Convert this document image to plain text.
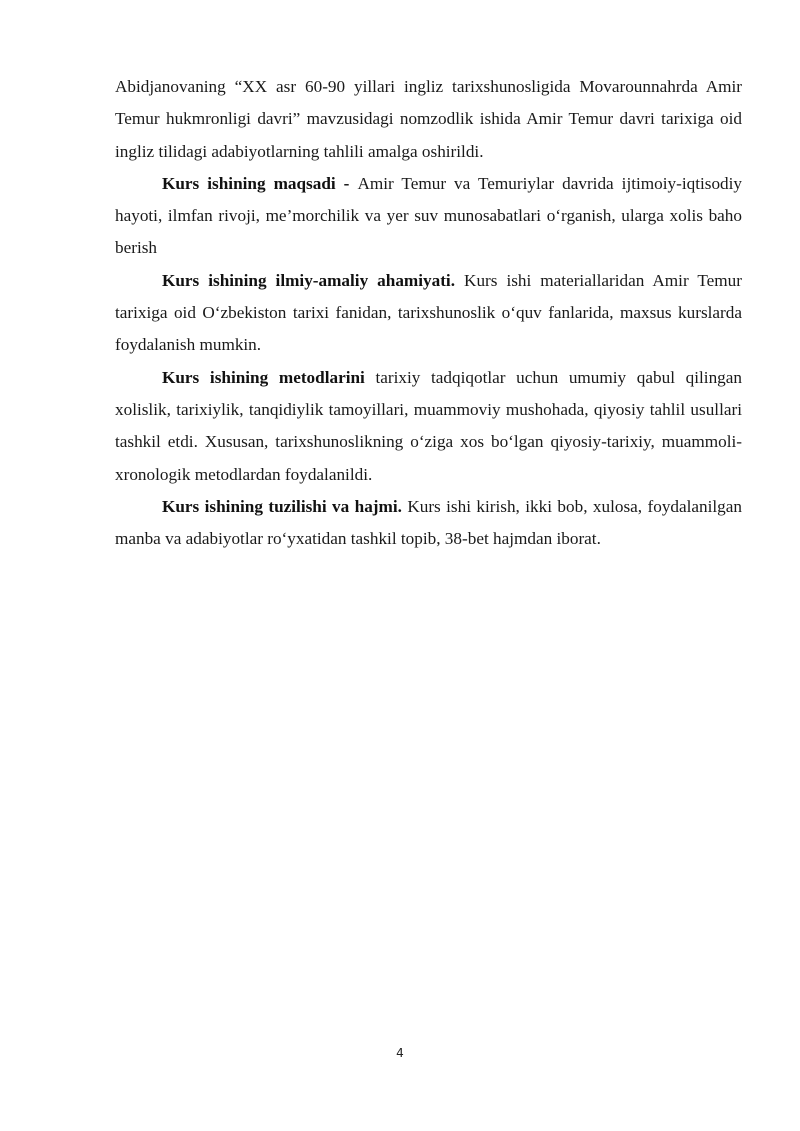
Abidjanovaning “XX asr 60-90 yillari ingliz tarixshunosligida Movarounnahrda Amir Temur hukmronligi davri” mavzusidagi nomzodlik ishida Amir Temur davri tarixiga oid ingliz tilidagi adabiyotlarning tahlili amalga oshirildi.

Kurs ishining maqsadi - Amir Temur va Temuriylar davrida ijtimoiy-iqtisodiy hayoti, ilmfan rivoji, me’morchilik va yer suv munosabatlari o‘rganish, ularga xolis baho berish

Kurs ishining ilmiy-amaliy ahamiyati. Kurs ishi materiallaridan Amir Temur tarixiga oid O‘zbekiston tarixi fanidan, tarixshunoslik o‘quv fanlarida, maxsus kurslarda foydalanish mumkin.

Kurs ishining metodlarini tarixiy tadqiqotlar uchun umumiy qabul qilingan xolislik, tarixiylik, tanqidiylik tamoyillari, muammoviy mushohada, qiyosiy tahlil usullari tashkil etdi. Xususan, tarixshunoslikning o‘ziga xos bo‘lgan qiyosiy-tarixiy, muammoli-xronologik metodlardan foydalanildi.

Kurs ishining tuzilishi va hajmi. Kurs ishi kirish, ikki bob, xulosa, foydalanilgan manba va adabiyotlar ro‘yxatidan tashkil topib, 38-bet hajmdan iborat.

4
